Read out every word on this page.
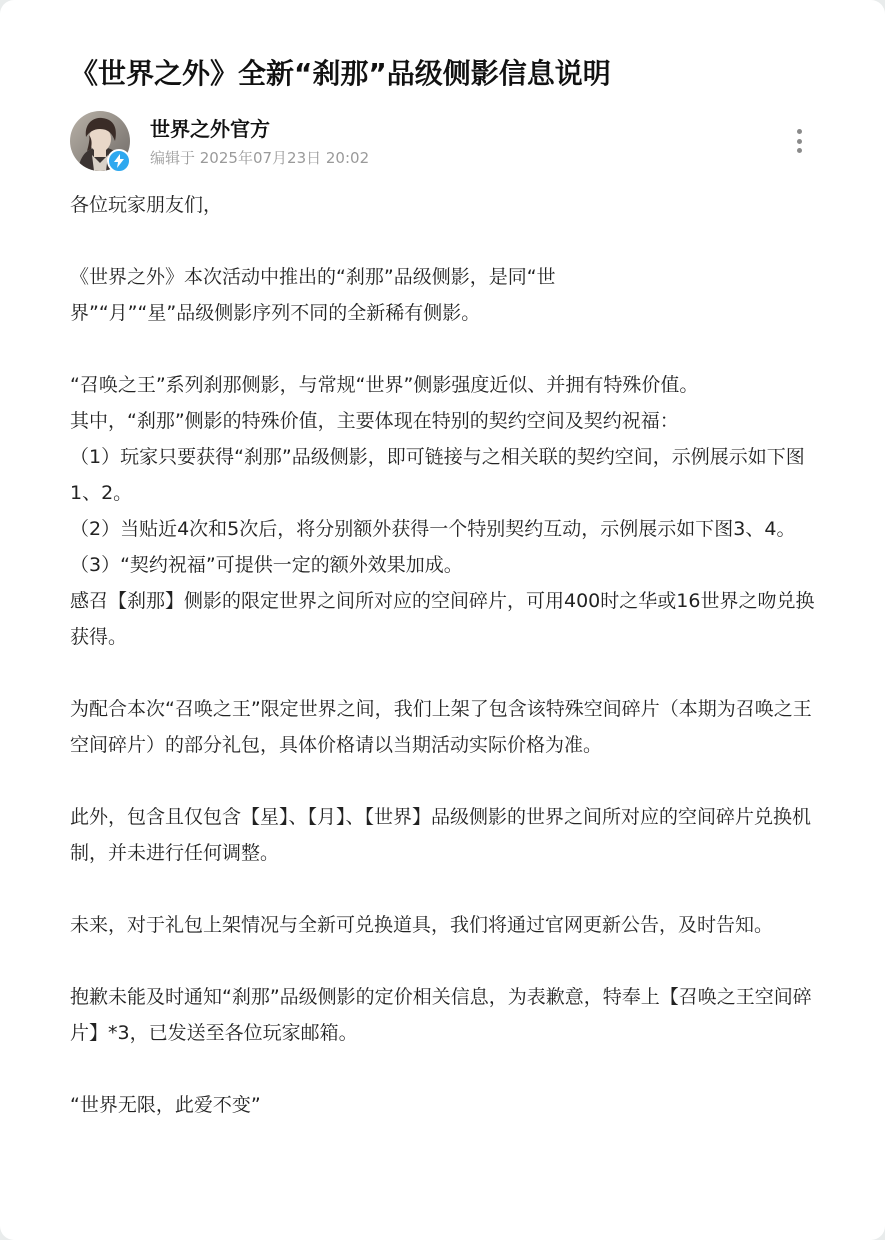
《世界之外》全新“刹那”品级侧影信息说明
世界之外官方
编辑于 2025年07月23日 20:02

各位玩家朋友们，

《世界之外》本次活动中推出的“刹那”品级侧影，是同“世

界”“月”“星”品级侧影序列不同的全新稀有侧影。

“召唤之王”系列刹那侧影，与常规“世界”侧影强度近似、并拥有特殊价值。

其中，“刹那”侧影的特殊价值，主要体现在特别的契约空间及契约祝福：

（1）玩家只要获得“刹那”品级侧影，即可链接与之相关联的契约空间，示例展示如下图1、2。

（2）当贴近4次和5次后，将分别额外获得一个特别契约互动，示例展示如下图3、4。

（3）“契约祝福”可提供一定的额外效果加成。

感召【刹那】侧影的限定世界之间所对应的空间碎片，可用400时之华或16世界之吻兑换获得。

为配合本次“召唤之王”限定世界之间，我们上架了包含该特殊空间碎片（本期为召唤之王空间碎片）的部分礼包，具体价格请以当期活动实际价格为准。

此外，包含且仅包含【星】、【月】、【世界】品级侧影的世界之间所对应的空间碎片兑换机制，并未进行任何调整。

未来，对于礼包上架情况与全新可兑换道具，我们将通过官网更新公告，及时告知。

抱歉未能及时通知“刹那”品级侧影的定价相关信息，为表歉意，特奉上【召唤之王空间碎片】*3，已发送至各位玩家邮箱。

“世界无限，此爱不变”
